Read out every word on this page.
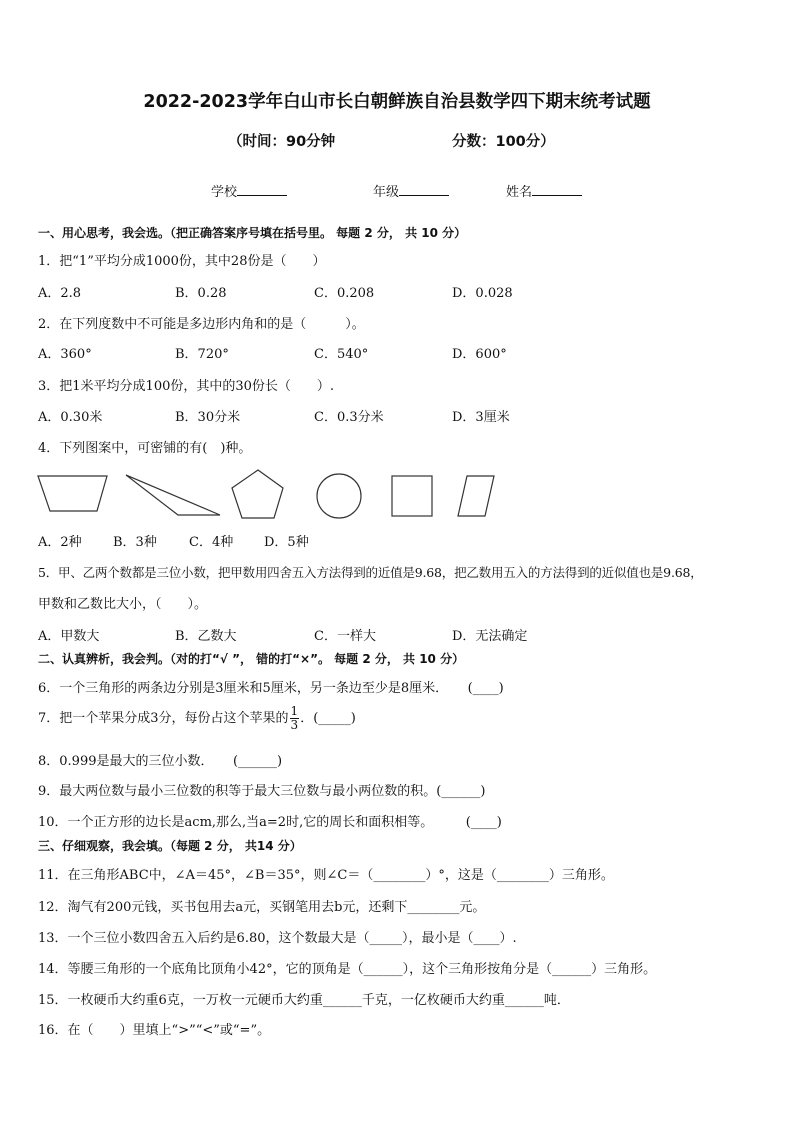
2022-2023学年白山市长白朝鲜族自治县数学四下期末统考试题
（时间：90分钟	分数：100分）
学校	年级	姓名
一、用心思考，我会选。（把正确答案序号填在括号里。 每题 2 分， 共 10 分）
1．把“1”平均分成1000份，其中28份是（　　）
A．2.8	B．0.28	C．0.208	D．0.028
2．在下列度数中不可能是多边形内角和的是（　　　）。
A．360°	B．720°	C．540°	D．600°
3．把1米平均分成100份，其中的30份长（　　）.
A．0.30米	B．30分米	C．0.3分米	D．3厘米
4．下列图案中，可密铺的有(　)种。
A．2种 B．3种 C．4种 D．5种
5．甲、乙两个数都是三位小数，把甲数用四舍五入方法得到的近值是9.68，把乙数用五入的方法得到的近似值也是9.68，
甲数和乙数比大小，（　　）。
A．甲数大	B．乙数大	C．一样大	D．无法确定
二、认真辨析，我会判。（对的打“√ ”， 错的打“×”。 每题 2 分， 共 10 分）
6．一个三角形的两条边分别是3厘米和5厘米，另一条边至少是8厘米．　　(____)
7．把一个苹果分成3分，每份占这个苹果的 $\frac{1}{3}$ ．(_____)
8．0.999是最大的三位小数．　　(______)
9．最大两位数与最小三位数的积等于最大三位数与最小两位数的积。(______)
10．一个正方形的边长是acm,那么,当a=2时,它的周长和面积相等。　　　(____)
三、仔细观察，我会填。（每题 2 分， 共14 分）
11．在三角形ABC中，∠A＝45°，∠B＝35°，则∠C＝（________）°，这是（________）三角形。
12．淘气有200元钱，买书包用去a元，买钢笔用去b元，还剩下________元。
13．一个三位小数四舍五入后约是6.80，这个数最大是（_____），最小是（____）.
14．等腰三角形的一个底角比顶角小42°，它的顶角是（______），这个三角形按角分是（______）三角形。
15．一枚硬币大约重6克，一万枚一元硬币大约重______千克，一亿枚硬币大约重______吨．
16．在（　　）里填上“>”“<”或“=”。
